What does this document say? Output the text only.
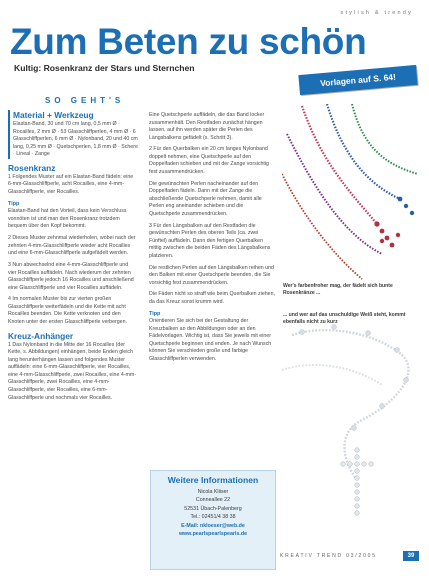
stylish & trendy
Zum Beten zu schön
Kultig: Rosenkranz der Stars und Sternchen
Vorlagen auf S. 64!
SO GEHT'S
Material + Werkzeug

Elastan-Band, 30 und 70 cm lang, 0,5 mm Ø · Rocailles, 2 mm Ø · 53 Glasschliffperlen, 4 mm Ø · 6 Glasschliffperlen, 6 mm Ø · Nylonband, 20 und 40 cm lang, 0,25 mm Ø · Quetschperlen, 1,8 mm Ø · Schere · Lineal · Zange

Rosenkranz

1 Folgendes Muster auf ein Elastan-Band fädeln: eine 6-mm-Glasschliffperle, acht Rocailles, eine 4-mm-Glasschliffperle, vier Rocailles.

Tipp

Elastan-Band hat den Vorteil, dass kein Verschluss vonnöten ist und man den Rosenkranz trotzdem bequem über den Kopf bekommt.

2 Dieses Muster zehnmal wiederholen, wobei nach der zehnten 4-mm-Glasschliffperle wieder acht Rocailles und eine 6-mm-Glasschliffperle aufgefädelt werden.

3 Nun abwechselnd eine 4-mm-Glasschliffperle und vier Rocailles auffädeln. Nach wiederum der zehnten Glasschliffperle jedoch 16 Rocailles und anschließend eine Glasschliffperle und vier Rocailles auffädeln.

4 Im normalen Muster bis zur vierten großen Glasschliffperle weiterfädeln und die Kette mit acht Rocailles beenden. Die Kette verknoten und den Knoten unter der ersten Glasschliffperle verbergen.

Kreuz-Anhänger

1 Das Nylonband in die Mitte der 16 Rocailles (der Kette, s. Abbildungen) einhängen, beide Enden gleich lang herunterhängen lassen und folgendes Muster auffädeln: eine 6-mm-Glasschliffperle, vier Rocailles, eine 4-mm-Glasschliffperle, zwei Rocailles, eine 4-mm-Glasschliffperle, zwei Rocailles, eine 4-mm-Glasschliffperle, vier Rocailles, eine 6-mm-Glasschliffperle und nochmals vier Rocailles.

Eine Quetschperle auffädeln, die das Band locker zusammenhält. Den Restfaden zunächst hängen lassen, auf ihn werden später die Perlen des Längsbalkens gefädelt (s. Schritt 3).

2 Für den Querbalken ein 20 cm langes Nylonband doppelt nehmen, eine Quetschperle auf den Doppelfaden schieben und mit der Zange vorsichtig fest zusammendrücken.

Die gewünschten Perlen nacheinander auf den Doppelfaden fädeln. Dann mit der Zange die abschließende Quetschperle nehmen, damit alle Perlen eng aneinander schieben und die Quetschperle zusammendrücken.

3 Für den Längsbalken auf den Restfaden die gewünschten Perlen des oberen Teils (ca. zwei Fünftel) auffädeln. Dann den fertigen Querbalken mittig zwischen die beiden Fäden des Längsbalkens platzieren.

Die restlichen Perlen auf den Längsbalken reihen und den Balken mit einer Quetschperle beenden, die Sie vorsichtig fest zusammendrücken.

Die Fäden nicht so straff wie beim Querbalken ziehen, da das Kreuz sonst krumm wird.

Tipp

Orientieren Sie sich bei der Gestaltung der Kreuzbalken an den Abbildungen oder an den Fädelvorlagen. Wichtig ist, dass Sie jeweils mit einer Quetschperle beginnen und enden. Je nach Wunsch können Sie verschieden große und farbige Glasschliffperlen verwenden.

Wer's farbenfroher mag, der fädelt sich bunte Rosenkränze ...
... und wer auf das unschuldige Weiß steht, kommt ebenfalls nicht zu kurz
Weitere Informationen
Nicola Kliiser
Conneallee 22
52531 Übach-Palenberg
Tel.: 02451/4 38 38
E-Mail: nkloeser@web.de
www.pearlspearlspearls.de
KREATIV TREND 03/2005	39
